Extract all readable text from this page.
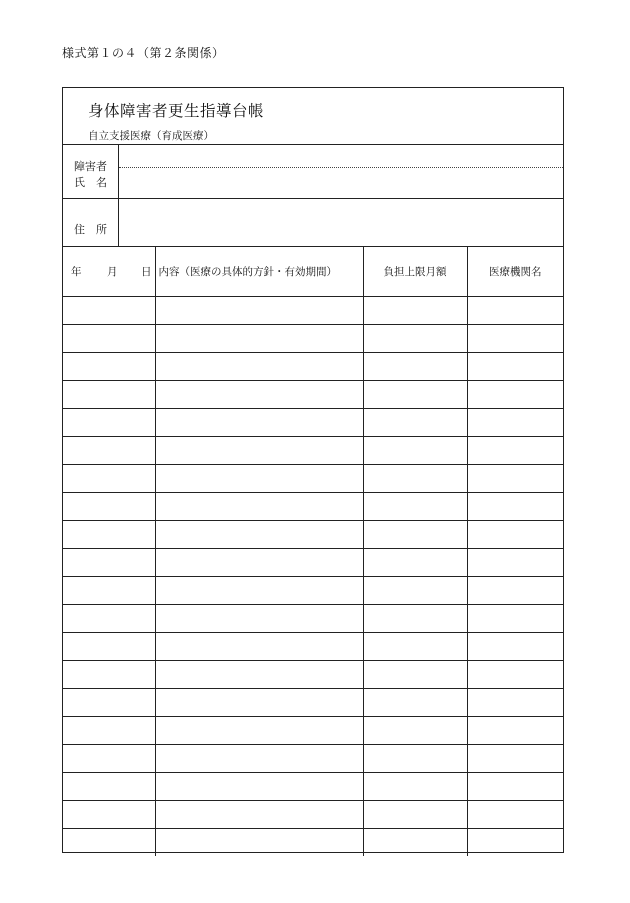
様式第１の４（第２条関係）
身体障害者更生指導台帳
自立支援医療（育成医療）
障害者
氏　名
住　所
年 月 日	内容（医療の具体的方針・有効期間）	負担上限月額	医療機関名
